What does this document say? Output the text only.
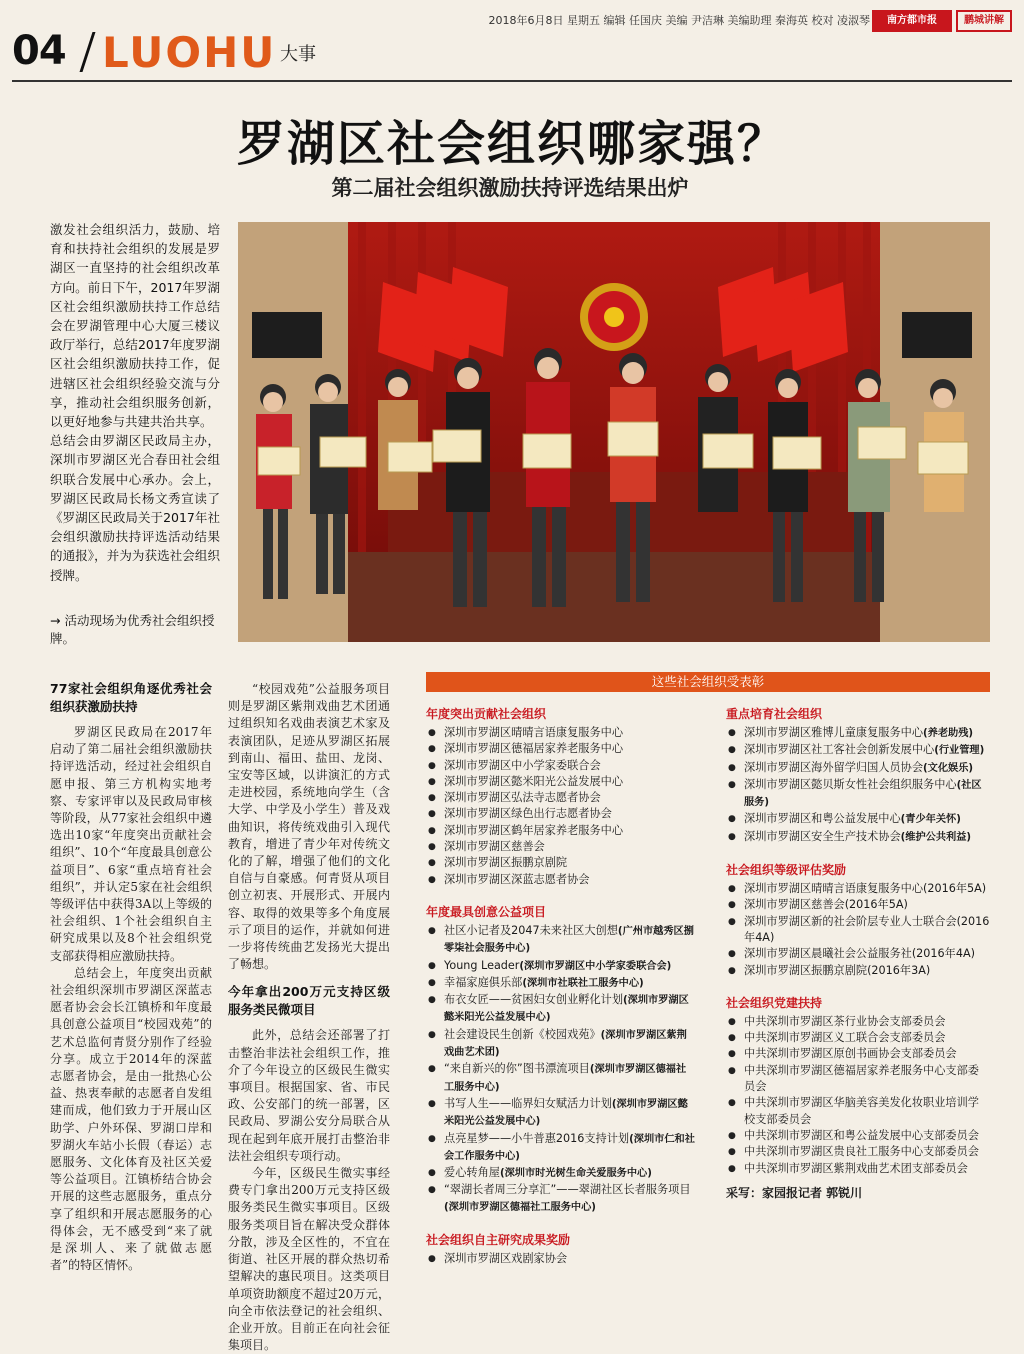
2018年6月8日 星期五 编辑 任国庆 美编 尹洁琳 美编助理 秦海英 校对 凌淑琴	南方都市报	鹏城讲解
04 LUOHU 大事
罗湖区社会组织哪家强？
第二届社会组织激励扶持评选结果出炉

激发社会组织活力，鼓励、培育和扶持社会组织的发展是罗湖区一直坚持的社会组织改革方向。前日下午，2017年罗湖区社会组织激励扶持工作总结会在罗湖管理中心大厦三楼议政厅举行，总结2017年度罗湖区社会组织激励扶持工作，促进辖区社会组织经验交流与分享，推动社会组织服务创新，以更好地参与共建共治共享。

总结会由罗湖区民政局主办，深圳市罗湖区光合春田社会组织联合发展中心承办。会上，罗湖区民政局长杨文秀宣读了《罗湖区民政局关于2017年社会组织激励扶持评选活动结果的通报》，并为为获选社会组织授牌。

→ 活动现场为优秀社会组织授牌。
77家社会组织角逐优秀社会组织获激励扶持

罗湖区民政局在2017年启动了第二届社会组织激励扶持评选活动，经过社会组织自愿申报、第三方机构实地考察、专家评审以及民政局审核等阶段，从77家社会组织中遴选出10家“年度突出贡献社会组织”、10个“年度最具创意公益项目”、6家“重点培育社会组织”，并认定5家在社会组织等级评估中获得3A以上等级的社会组织、1个社会组织自主研究成果以及8个社会组织党支部获得相应激励扶持。

总结会上，年度突出贡献社会组织深圳市罗湖区深蓝志愿者协会会长江镇桥和年度最具创意公益项目“校园戏苑”的艺术总监何青贤分别作了经验分享。成立于2014年的深蓝志愿者协会，是由一批热心公益、热衷奉献的志愿者自发组建而成，他们致力于开展山区助学、户外环保、罗湖口岸和罗湖火车站小长假（春运）志愿服务、文化体育及社区关爱等公益项目。江镇桥结合协会开展的这些志愿服务，重点分享了组织和开展志愿服务的心得体会，无不感受到“来了就是深圳人、来了就做志愿者”的特区情怀。

“校园戏苑”公益服务项目则是罗湖区紫荆戏曲艺术团通过组织知名戏曲表演艺术家及表演团队，足迹从罗湖区拓展到南山、福田、盐田、龙岗、宝安等区域，以讲演汇的方式走进校园，系统地向学生（含大学、中学及小学生）普及戏曲知识，将传统戏曲引入现代教育，增进了青少年对传统文化的了解，增强了他们的文化自信与自豪感。何青贤从项目创立初衷、开展形式、开展内容、取得的效果等多个角度展示了项目的运作，并就如何进一步将传统曲艺发扬光大提出了畅想。

今年拿出200万元支持区级服务类民微项目

此外，总结会还部署了打击整治非法社会组织工作，推介了今年设立的区级民生微实事项目。根据国家、省、市民政、公安部门的统一部署，区民政局、罗湖公安分局联合从现在起到年底开展打击整治非法社会组织专项行动。

今年，区级民生微实事经费专门拿出200万元支持区级服务类民生微实事项目。区级服务类项目旨在解决受众群体分散，涉及全区性的，不宜在街道、社区开展的群众热切希望解决的惠民项目。这类项目单项资助额度不超过20万元，向全市依法登记的社会组织、企业开放。目前正在向社会征集项目。

这些社会组织受表彰
年度突出贡献社会组织
● 深圳市罗湖区晴晴言语康复服务中心
● 深圳市罗湖区德福居家养老服务中心
● 深圳市罗湖区中小学家委联合会
● 深圳市罗湖区懿米阳光公益发展中心
● 深圳市罗湖区弘法寺志愿者协会
● 深圳市罗湖区绿色出行志愿者协会
● 深圳市罗湖区鹤年居家养老服务中心
● 深圳市罗湖区慈善会
● 深圳市罗湖区振鹏京剧院
● 深圳市罗湖区深蓝志愿者协会
年度最具创意公益项目
● 社区小记者及2047未来社区大创想(广州市越秀区捌零柒社会服务中心)
● Young Leader(深圳市罗湖区中小学家委联合会)
● 幸福家庭俱乐部(深圳市社联社工服务中心)
● 布衣女匠——贫困妇女创业孵化计划(深圳市罗湖区懿米阳光公益发展中心)
● 社会建设民生创新《校园戏苑》(深圳市罗湖区紫荆戏曲艺术团)
● “来自新兴的你”图书漂流项目(深圳市罗湖区德福社工服务中心)
● 书写人生——临界妇女赋活力计划(深圳市罗湖区懿米阳光公益发展中心)
● 点亮星梦——小牛普惠2016支持计划(深圳市仁和社会工作服务中心)
● 爱心转角屋(深圳市时光树生命关爱服务中心)
● “翠湖长者周三分享汇”——翠湖社区长者服务项目(深圳市罗湖区德福社工服务中心)
社会组织自主研究成果奖励
● 深圳市罗湖区戏剧家协会
重点培育社会组织
● 深圳市罗湖区雅博儿童康复服务中心(养老助残)
● 深圳市罗湖区社工客社会创新发展中心(行业管理)
● 深圳市罗湖区海外留学归国人员协会(文化娱乐)
● 深圳市罗湖区懿贝斯女性社会组织服务中心(社区服务)
● 深圳市罗湖区和粤公益发展中心(青少年关怀)
● 深圳市罗湖区安全生产技术协会(维护公共利益)
社会组织等级评估奖励
● 深圳市罗湖区晴晴言语康复服务中心(2016年5A)
● 深圳市罗湖区慈善会(2016年5A)
● 深圳市罗湖区新的社会阶层专业人士联合会(2016年4A)
● 深圳市罗湖区晨曦社会公益服务社(2016年4A)
● 深圳市罗湖区振鹏京剧院(2016年3A)
社会组织党建扶持
● 中共深圳市罗湖区茶行业协会支部委员会
● 中共深圳市罗湖区义工联合会支部委员会
● 中共深圳市罗湖区原创书画协会支部委员会
● 中共深圳市罗湖区德福居家养老服务中心支部委员会
● 中共深圳市罗湖区华脑美容美发化妆职业培训学校支部委员会
● 中共深圳市罗湖区和粤公益发展中心支部委员会
● 中共深圳市罗湖区贵良社工服务中心支部委员会
● 中共深圳市罗湖区紫荆戏曲艺术团支部委员会
采写：家园报记者 郭锐川
